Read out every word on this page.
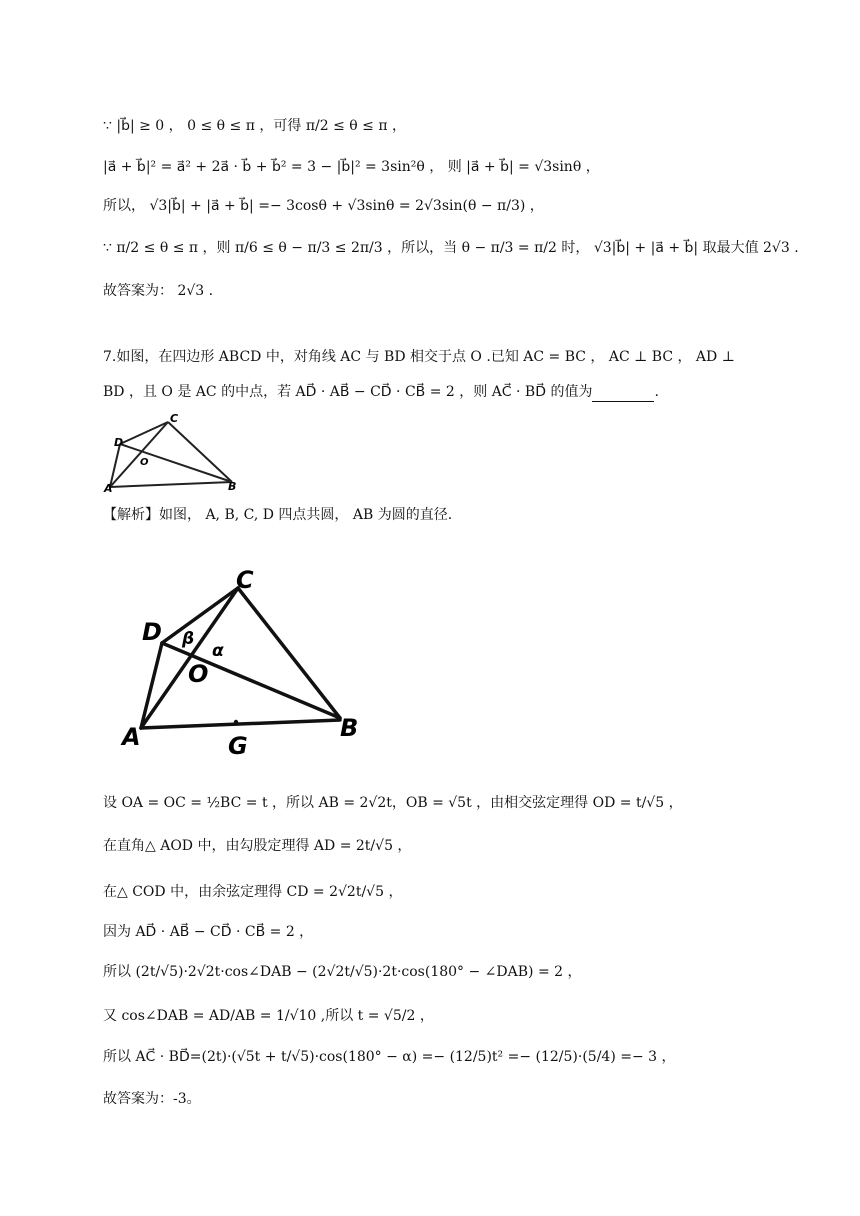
∵ |b⃗| ≥ 0 ， 0 ≤ θ ≤ π ，可得 π/2 ≤ θ ≤ π ，
|a⃗ + b⃗|² = a⃗² + 2a⃗ · b⃗ + b⃗² = 3 − |b⃗|² = 3sin²θ ， 则 |a⃗ + b⃗| = √3sinθ ，
所以， √3|b⃗| + |a⃗ + b⃗| =− 3cosθ + √3sinθ = 2√3sin(θ − π/3) ，
∵ π/2 ≤ θ ≤ π ，则 π/6 ≤ θ − π/3 ≤ 2π/3 ，所以，当 θ − π/3 = π/2 时， √3|b⃗| + |a⃗ + b⃗| 取最大值 2√3 .
故答案为： 2√3 .
7.如图，在四边形 ABCD 中，对角线 AC 与 BD 相交于点 O .已知 AC = BC ， AC ⊥ BC ， AD ⊥
BD ，且 O 是 AC 的中点，若 AD⃗ · AB⃗ − CD⃗ · CB⃗ = 2 ，则 AC⃗ · BD⃗ 的值为	.
C
D
O
A	B
【解析】如图， A, B, C, D 四点共圆， AB 为圆的直径.
C
D β
α
O
A	B
G
设 OA = OC = ½BC = t ，所以 AB = 2√2t，OB = √5t ，由相交弦定理得 OD = t/√5 ，
在直角△ AOD 中，由勾股定理得 AD = 2t/√5 ，
在△ COD 中，由余弦定理得 CD = 2√2t/√5 ，
因为 AD⃗ · AB⃗ − CD⃗ · CB⃗ = 2 ，
所以 (2t/√5)·2√2t·cos∠DAB − (2√2t/√5)·2t·cos(180° − ∠DAB) = 2 ，
又 cos∠DAB = AD/AB = 1/√10 ,所以 t = √5/2 ，
所以 AC⃗ · BD⃗=(2t)·(√5t + t/√5)·cos(180° − α) =− (12/5)t² =− (12/5)·(5/4) =− 3 ，
故答案为：-3。
